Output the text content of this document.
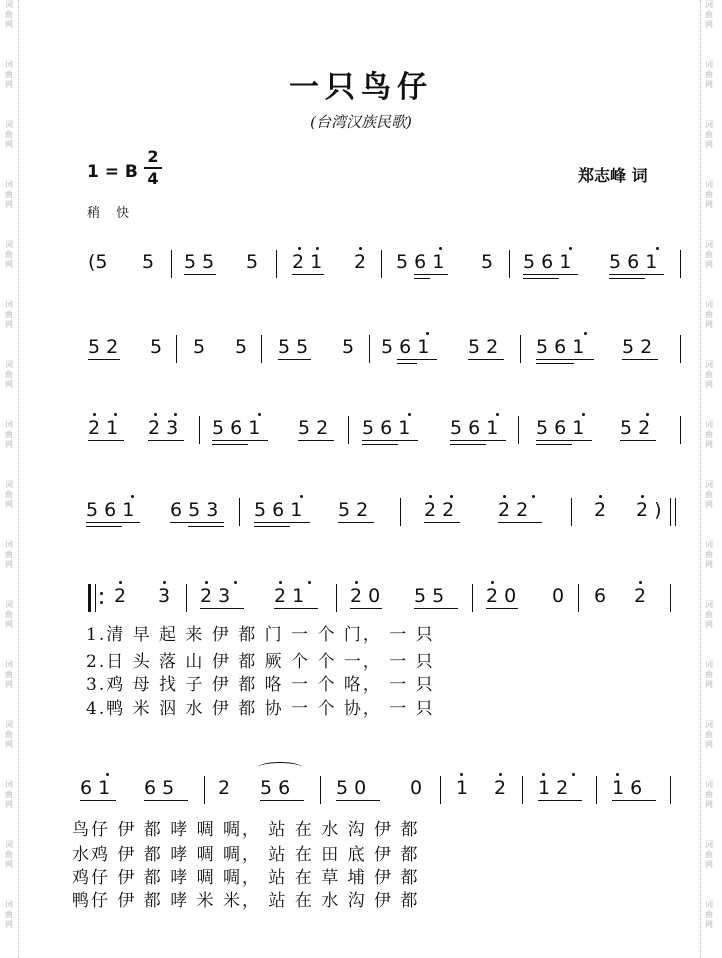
词
曲
网
词
曲
网
词
曲
网
词
曲
网
词
曲
网
词
曲
网
词
曲
网
词
曲
网
词
曲
网
词
曲
网
词
曲
网
词
曲
网
词
曲
网
词
曲
网
词
曲
网
词
曲
网
词
曲
网
词
曲
网
词
曲
网
词
曲
网
词
曲
网
词
曲
网
词
曲
网
词
曲
网
词
曲
网
词
曲
网
词
曲
网
词
曲
网
词
曲
网
词
曲
网
词
曲
网
词
曲
网
一只鸟仔
(台湾汉族民歌)
1 = B
2
4	郑志峰 词
稍 快
(5 5 5 5 5 2 1 2 5 6 1 5 5 6 1 5 6 1
5 2 5 5 5 5 5 5 5 6 1 5 2 5 6 1 5 2
2 1 2 3 5 6 1 5 2 5 6 1 5 6 1 5 6 1 5 2
5 6 1 6 5 3 5 6 1 5 2	2 2 2 2	2 2 )
2 3 2 3 2 1 2 0 5 5 2 0 0 6 2
1.清 早 起 来 伊 都 门 一 个 门， 一 只
2.日 头 落 山 伊 都 厥 个 个 一， 一 只
3.鸡 母 找 子 伊 都 咯 一 个 咯， 一 只
4.鸭 米 泅 水 伊 都 协 一 个 协， 一 只
6 1 6 5 2 5 6 5 0 0 1 2 1 2 1 6
鸟仔 伊 都 哮 啁 啁， 站 在 水 沟 伊 都
水鸡 伊 都 哮 啁 啁， 站 在 田 底 伊 都
鸡仔 伊 都 哮 啁 啁， 站 在 草 埔 伊 都
鸭仔 伊 都 哮 米 米， 站 在 水 沟 伊 都
